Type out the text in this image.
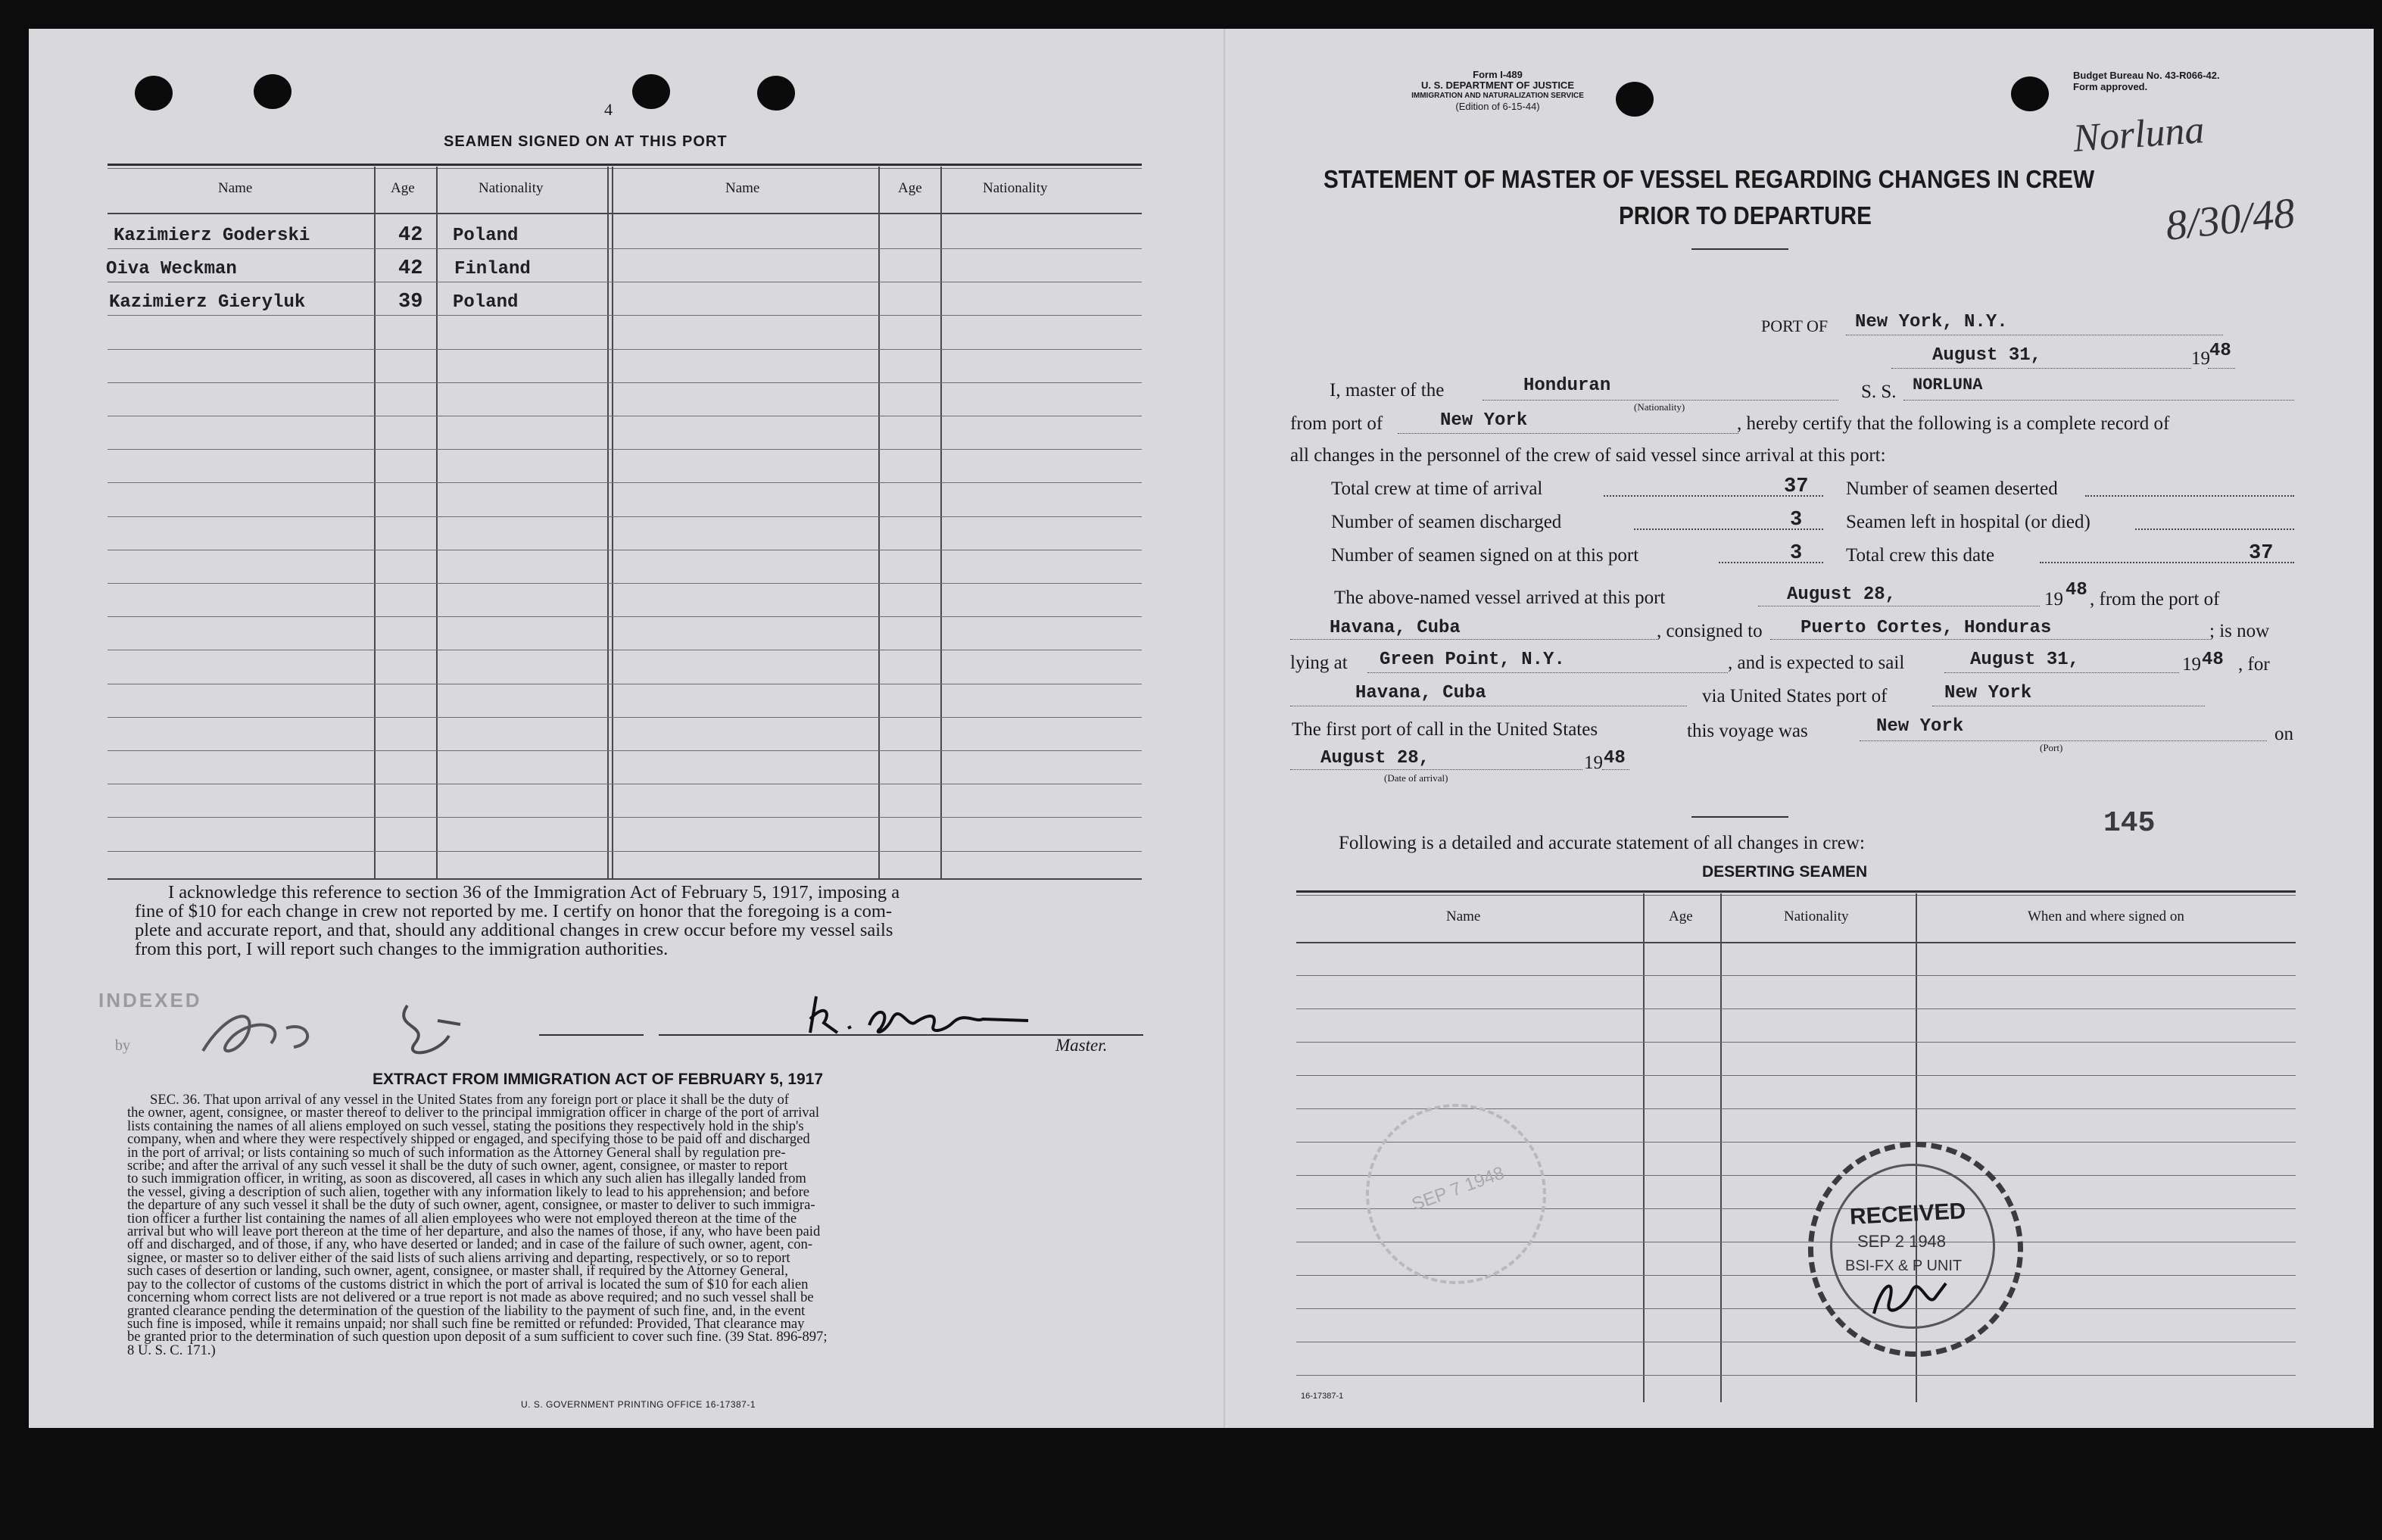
4
SEAMEN SIGNED ON AT THIS PORT
Name	Age	Nationality	Name	Age	Nationality
Kazimierz Goderski	42 Poland
Oiva Weckman	42 Finland
Kazimierz Gieryluk	39 Poland
I acknowledge this reference to section 36 of the Immigration Act of February 5, 1917, imposing a
fine of $10 for each change in crew not reported by me. I certify on honor that the foregoing is a com-
plete and accurate report, and that, should any additional changes in crew occur before my vessel sails
from this port, I will report such changes to the immigration authorities.
INDEXED
by	Master.
EXTRACT FROM IMMIGRATION ACT OF FEBRUARY 5, 1917
SEC. 36. That upon arrival of any vessel in the United States from any foreign port or place it shall be the duty of
the owner, agent, consignee, or master thereof to deliver to the principal immigration officer in charge of the port of arrival
lists containing the names of all aliens employed on such vessel, stating the positions they respectively hold in the ship's
company, when and where they were respectively shipped or engaged, and specifying those to be paid off and discharged
in the port of arrival; or lists containing so much of such information as the Attorney General shall by regulation pre-
scribe; and after the arrival of any such vessel it shall be the duty of such owner, agent, consignee, or master to report
to such immigration officer, in writing, as soon as discovered, all cases in which any such alien has illegally landed from
the vessel, giving a description of such alien, together with any information likely to lead to his apprehension; and before
the departure of any such vessel it shall be the duty of such owner, agent, consignee, or master to deliver to such immigra-
tion officer a further list containing the names of all alien employees who were not employed thereon at the time of the
arrival but who will leave port thereon at the time of her departure, and also the names of those, if any, who have been paid
off and discharged, and of those, if any, who have deserted or landed; and in case of the failure of such owner, agent, con-
signee, or master so to deliver either of the said lists of such aliens arriving and departing, respectively, or so to report
such cases of desertion or landing, such owner, agent, consignee, or master shall, if required by the Attorney General,
pay to the collector of customs of the customs district in which the port of arrival is located the sum of $10 for each alien
concerning whom correct lists are not delivered or a true report is not made as above required; and no such vessel shall be
granted clearance pending the determination of the question of the liability to the payment of such fine, and, in the event
such fine is imposed, while it remains unpaid; nor shall such fine be remitted or refunded: Provided, That clearance may
be granted prior to the determination of such question upon deposit of a sum sufficient to cover such fine. (39 Stat. 896-897;
8 U. S. C. 171.)
U. S. GOVERNMENT PRINTING OFFICE 16-17387-1
Form I-489
U. S. DEPARTMENT OF JUSTICE
IMMIGRATION AND NATURALIZATION SERVICE
(Edition of 6-15-44)
Budget Bureau No. 43-R066-42.
Form approved.
Norluna
8/30/48
STATEMENT OF MASTER OF VESSEL REGARDING CHANGES IN CREW
PRIOR TO DEPARTURE
PORT OF New York, N.Y.
August 31,	19 48
I, master of the	Honduran
(Nationality)
S. S. NORLUNA
from port of	New York	, hereby certify that the following is a complete record of
all changes in the personnel of the crew of said vessel since arrival at this port:
Total crew at time of arrival	37
Number of seamen discharged	3
Number of seamen signed on at this port	3
Number of seamen deserted
Seamen left in hospital (or died)
Total crew this date	37
The above-named vessel arrived at this port	August 28,	19 48 , from the port of
Havana, Cuba	, consigned to Puerto Cortes, Honduras	; is now
lying at Green Point, N.Y.	, and is expected to sail	August 31,	19 48 , for
Havana, Cuba	via United States port of	New York
The first port of call in the United States	this voyage was	New York
(Port)
on
August 28,	19 48
(Date of arrival)
145
Following is a detailed and accurate statement of all changes in crew:
DESERTING SEAMEN
Name	Age	Nationality	When and where signed on
RECEIVED
SEP 2 1948
BSI-FX & P UNIT
SEP 7 1948
16-17387-1
